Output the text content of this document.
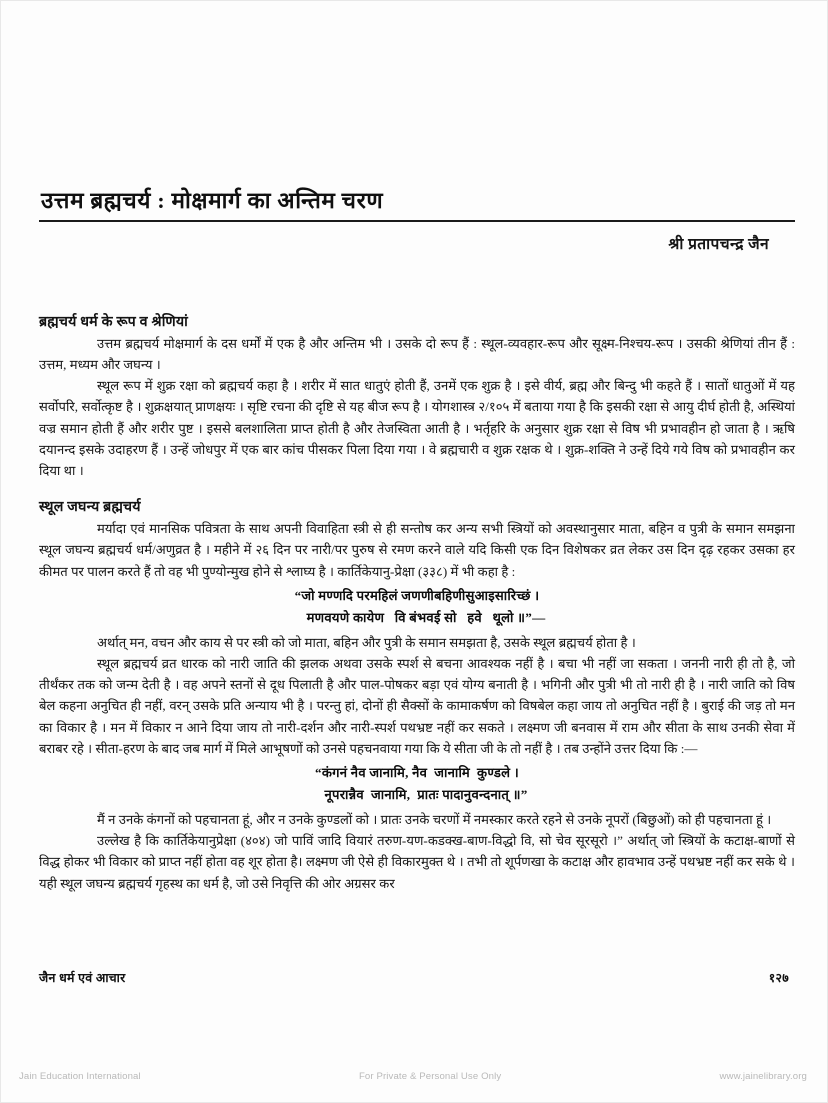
उत्तम ब्रह्मचर्य : मोक्षमार्ग का अन्तिम चरण
श्री प्रतापचन्द्र जैन
ब्रह्मचर्य धर्म के रूप व श्रेणियां

उत्तम ब्रह्मचर्य मोक्षमार्ग के दस धर्मों में एक है और अन्तिम भी । उसके दो रूप हैं : स्थूल-व्यवहार-रूप और सूक्ष्म-निश्चय-रूप । उसकी श्रेणियां तीन हैं : उत्तम, मध्यम और जघन्य ।

स्थूल रूप में शुक्र रक्षा को ब्रह्मचर्य कहा है । शरीर में सात धातुएं होती हैं, उनमें एक शुक्र है । इसे वीर्य, ब्रह्म और बिन्दु भी कहते हैं । सातों धातुओं में यह सर्वोपरि, सर्वोत्कृष्ट है । शुक्रक्षयात् प्राणक्षयः । सृष्टि रचना की दृष्टि से यह बीज रूप है । योगशास्त्र २/१०५ में बताया गया है कि इसकी रक्षा से आयु दीर्घ होती है, अस्थियां वज्र समान होती हैं और शरीर पुष्ट । इससे बलशालिता प्राप्त होती है और तेजस्विता आती है । भर्तृहरि के अनुसार शुक्र रक्षा से विष भी प्रभावहीन हो जाता है । ऋषि दयानन्द इसके उदाहरण हैं । उन्हें जोधपुर में एक बार कांच पीसकर पिला दिया गया । वे ब्रह्मचारी व शुक्र रक्षक थे । शुक्र-शक्ति ने उन्हें दिये गये विष को प्रभावहीन कर दिया था ।

स्थूल जघन्य ब्रह्मचर्य

मर्यादा एवं मानसिक पवित्रता के साथ अपनी विवाहिता स्त्री से ही सन्तोष कर अन्य सभी स्त्रियों को अवस्थानुसार माता, बहिन व पुत्री के समान समझना स्थूल जघन्य ब्रह्मचर्य धर्म/अणुव्रत है । महीने में २६ दिन पर नारी/पर पुरुष से रमण करने वाले यदि किसी एक दिन विशेषकर व्रत लेकर उस दिन दृढ़ रहकर उसका हर कीमत पर पालन करते हैं तो वह भी पुण्योन्मुख होने से श्लाघ्य है । कार्तिकेयानु-प्रेक्षा (३३८) में भी कहा है :

“जो मण्णदि परमहिलं जणणीबहिणीसुआइसारिच्छं ।
मणवयणे कायेण   वि बंभवई सो   हवे   थूलो ॥”—

अर्थात् मन, वचन और काय से पर स्त्री को जो माता, बहिन और पुत्री के समान समझता है, उसके स्थूल ब्रह्मचर्य होता है ।

स्थूल ब्रह्मचर्य व्रत धारक को नारी जाति की झलक अथवा उसके स्पर्श से बचना आवश्यक नहीं है । बचा भी नहीं जा सकता । जननी नारी ही तो है, जो तीर्थंकर तक को जन्म देती है । वह अपने स्तनों से दूध पिलाती है और पाल-पोषकर बड़ा एवं योग्य बनाती है । भगिनी और पुत्री भी तो नारी ही है । नारी जाति को विष बेल कहना अनुचित ही नहीं, वरन् उसके प्रति अन्याय भी है । परन्तु हां, दोनों ही सैक्सों के कामाकर्षण को विषबेल कहा जाय तो अनुचित नहीं है । बुराई की जड़ तो मन का विकार है । मन में विकार न आने दिया जाय तो नारी-दर्शन और नारी-स्पर्श पथभ्रष्ट नहीं कर सकते । लक्ष्मण जी बनवास में राम और सीता के साथ उनकी सेवा में बराबर रहे । सीता-हरण के बाद जब मार्ग में मिले आभूषणों को उनसे पहचनवाया गया कि ये सीता जी के तो नहीं है । तब उन्होंने उत्तर दिया कि :—

“कंगनं नैव जानामि, नैव  जानामि  कुण्डले ।
नूपरान्नैव  जानामि,  प्रातः पादानुवन्दनात् ॥”

मैं न उनके कंगनों को पहचानता हूं, और न उनके कुण्डलों को । प्रातः उनके चरणों में नमस्कार करते रहने से उनके नूपरों (बिछुओं) को ही पहचानता हूं ।

उल्लेख है कि कार्तिकेयानुप्रेक्षा (४०४) जो पाविं जादि वियारं तरुण-यण-कडक्ख-बाण-विद्धो वि, सो चेव सूरसूरो ।” अर्थात् जो स्त्रियों के कटाक्ष-बाणों से विद्ध होकर भी विकार को प्राप्त नहीं होता वह शूर होता है। लक्ष्मण जी ऐसे ही विकारमुक्त थे । तभी तो शूर्पणखा के कटाक्ष और हावभाव उन्हें पथभ्रष्ट नहीं कर सके थे । यही स्थूल जघन्य ब्रह्मचर्य गृहस्थ का धर्म है, जो उसे निवृत्ति की ओर अग्रसर कर

जैन धर्म एवं आचार	१२७
Jain Education International	For Private & Personal Use Only	www.jainelibrary.org
